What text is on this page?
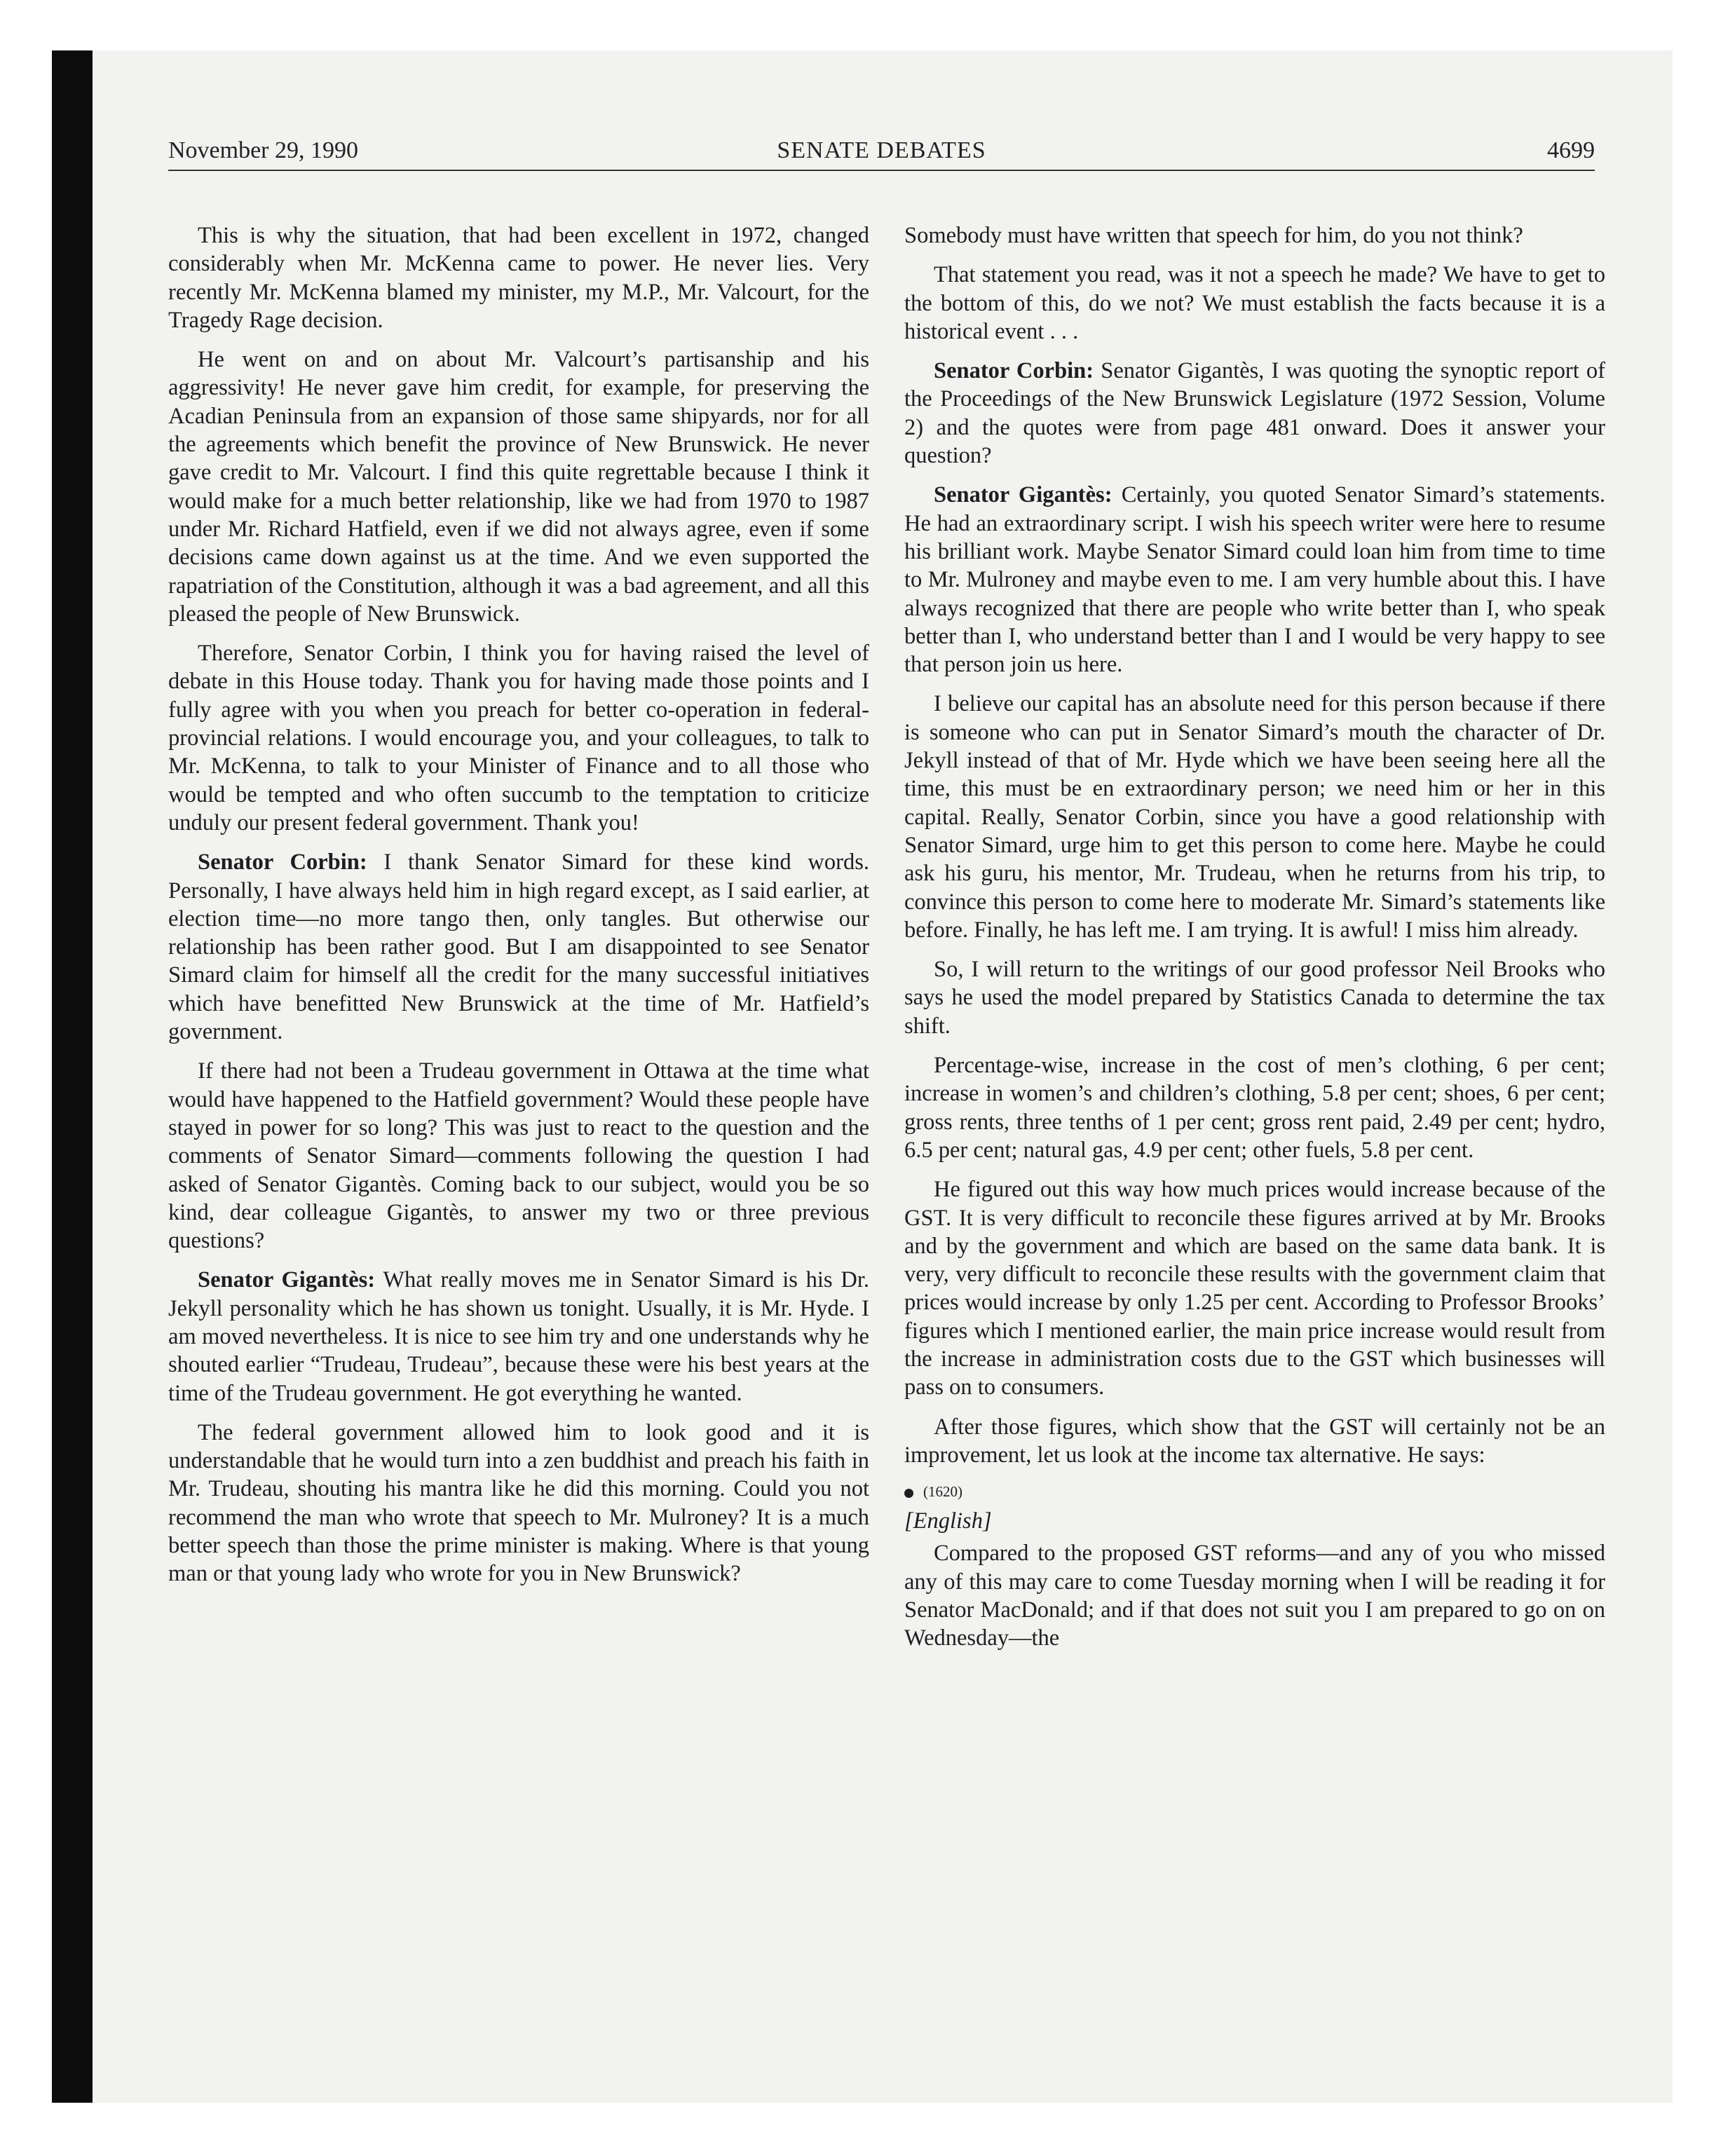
November 29, 1990	SENATE DEBATES	4699

This is why the situation, that had been excellent in 1972, changed considerably when Mr. McKenna came to power. He never lies. Very recently Mr. McKenna blamed my minister, my M.P., Mr. Valcourt, for the Tragedy Rage decision.

He went on and on about Mr. Valcourt’s partisanship and his aggressivity! He never gave him credit, for example, for preserving the Acadian Peninsula from an expansion of those same shipyards, nor for all the agreements which benefit the province of New Brunswick. He never gave credit to Mr. Valcourt. I find this quite regrettable because I think it would make for a much better relationship, like we had from 1970 to 1987 under Mr. Richard Hatfield, even if we did not always agree, even if some decisions came down against us at the time. And we even supported the rapatriation of the Constitution, although it was a bad agreement, and all this pleased the people of New Brunswick.

Therefore, Senator Corbin, I think you for having raised the level of debate in this House today. Thank you for having made those points and I fully agree with you when you preach for better co-operation in federal-provincial relations. I would encourage you, and your colleagues, to talk to Mr. McKenna, to talk to your Minister of Finance and to all those who would be tempted and who often succumb to the temptation to criticize unduly our present federal government. Thank you!

Senator Corbin: I thank Senator Simard for these kind words. Personally, I have always held him in high regard except, as I said earlier, at election time—no more tango then, only tangles. But otherwise our relationship has been rather good. But I am disappointed to see Senator Simard claim for himself all the credit for the many successful initiatives which have benefitted New Brunswick at the time of Mr. Hatfield’s government.

If there had not been a Trudeau government in Ottawa at the time what would have happened to the Hatfield government? Would these people have stayed in power for so long? This was just to react to the question and the comments of Senator Simard—comments following the question I had asked of Senator Gigantès. Coming back to our subject, would you be so kind, dear colleague Gigantès, to answer my two or three previous questions?

Senator Gigantès: What really moves me in Senator Simard is his Dr. Jekyll personality which he has shown us tonight. Usually, it is Mr. Hyde. I am moved nevertheless. It is nice to see him try and one understands why he shouted earlier “Trudeau, Trudeau”, because these were his best years at the time of the Trudeau government. He got everything he wanted.

The federal government allowed him to look good and it is understandable that he would turn into a zen buddhist and preach his faith in Mr. Trudeau, shouting his mantra like he did this morning. Could you not recommend the man who wrote that speech to Mr. Mulroney? It is a much better speech than those the prime minister is making. Where is that young man or that young lady who wrote for you in New Brunswick?

Somebody must have written that speech for him, do you not think?

That statement you read, was it not a speech he made? We have to get to the bottom of this, do we not? We must establish the facts because it is a historical event . . .

Senator Corbin: Senator Gigantès, I was quoting the synoptic report of the Proceedings of the New Brunswick Legislature (1972 Session, Volume 2) and the quotes were from page 481 onward. Does it answer your question?

Senator Gigantès: Certainly, you quoted Senator Simard’s statements. He had an extraordinary script. I wish his speech writer were here to resume his brilliant work. Maybe Senator Simard could loan him from time to time to Mr. Mulroney and maybe even to me. I am very humble about this. I have always recognized that there are people who write better than I, who speak better than I, who understand better than I and I would be very happy to see that person join us here.

I believe our capital has an absolute need for this person because if there is someone who can put in Senator Simard’s mouth the character of Dr. Jekyll instead of that of Mr. Hyde which we have been seeing here all the time, this must be en extraordinary person; we need him or her in this capital. Really, Senator Corbin, since you have a good relationship with Senator Simard, urge him to get this person to come here. Maybe he could ask his guru, his mentor, Mr. Trudeau, when he returns from his trip, to convince this person to come here to moderate Mr. Simard’s statements like before. Finally, he has left me. I am trying. It is awful! I miss him already.

So, I will return to the writings of our good professor Neil Brooks who says he used the model prepared by Statistics Canada to determine the tax shift.

Percentage-wise, increase in the cost of men’s clothing, 6 per cent; increase in women’s and children’s clothing, 5.8 per cent; shoes, 6 per cent; gross rents, three tenths of 1 per cent; gross rent paid, 2.49 per cent; hydro, 6.5 per cent; natural gas, 4.9 per cent; other fuels, 5.8 per cent.

He figured out this way how much prices would increase because of the GST. It is very difficult to reconcile these figures arrived at by Mr. Brooks and by the government and which are based on the same data bank. It is very, very difficult to reconcile these results with the government claim that prices would increase by only 1.25 per cent. According to Professor Brooks’ figures which I mentioned earlier, the main price increase would result from the increase in administration costs due to the GST which businesses will pass on to consumers.

After those figures, which show that the GST will certainly not be an improvement, let us look at the income tax alternative. He says:

(1620)
[English]

Compared to the proposed GST reforms—and any of you who missed any of this may care to come Tuesday morning when I will be reading it for Senator MacDonald; and if that does not suit you I am prepared to go on on Wednesday—the
